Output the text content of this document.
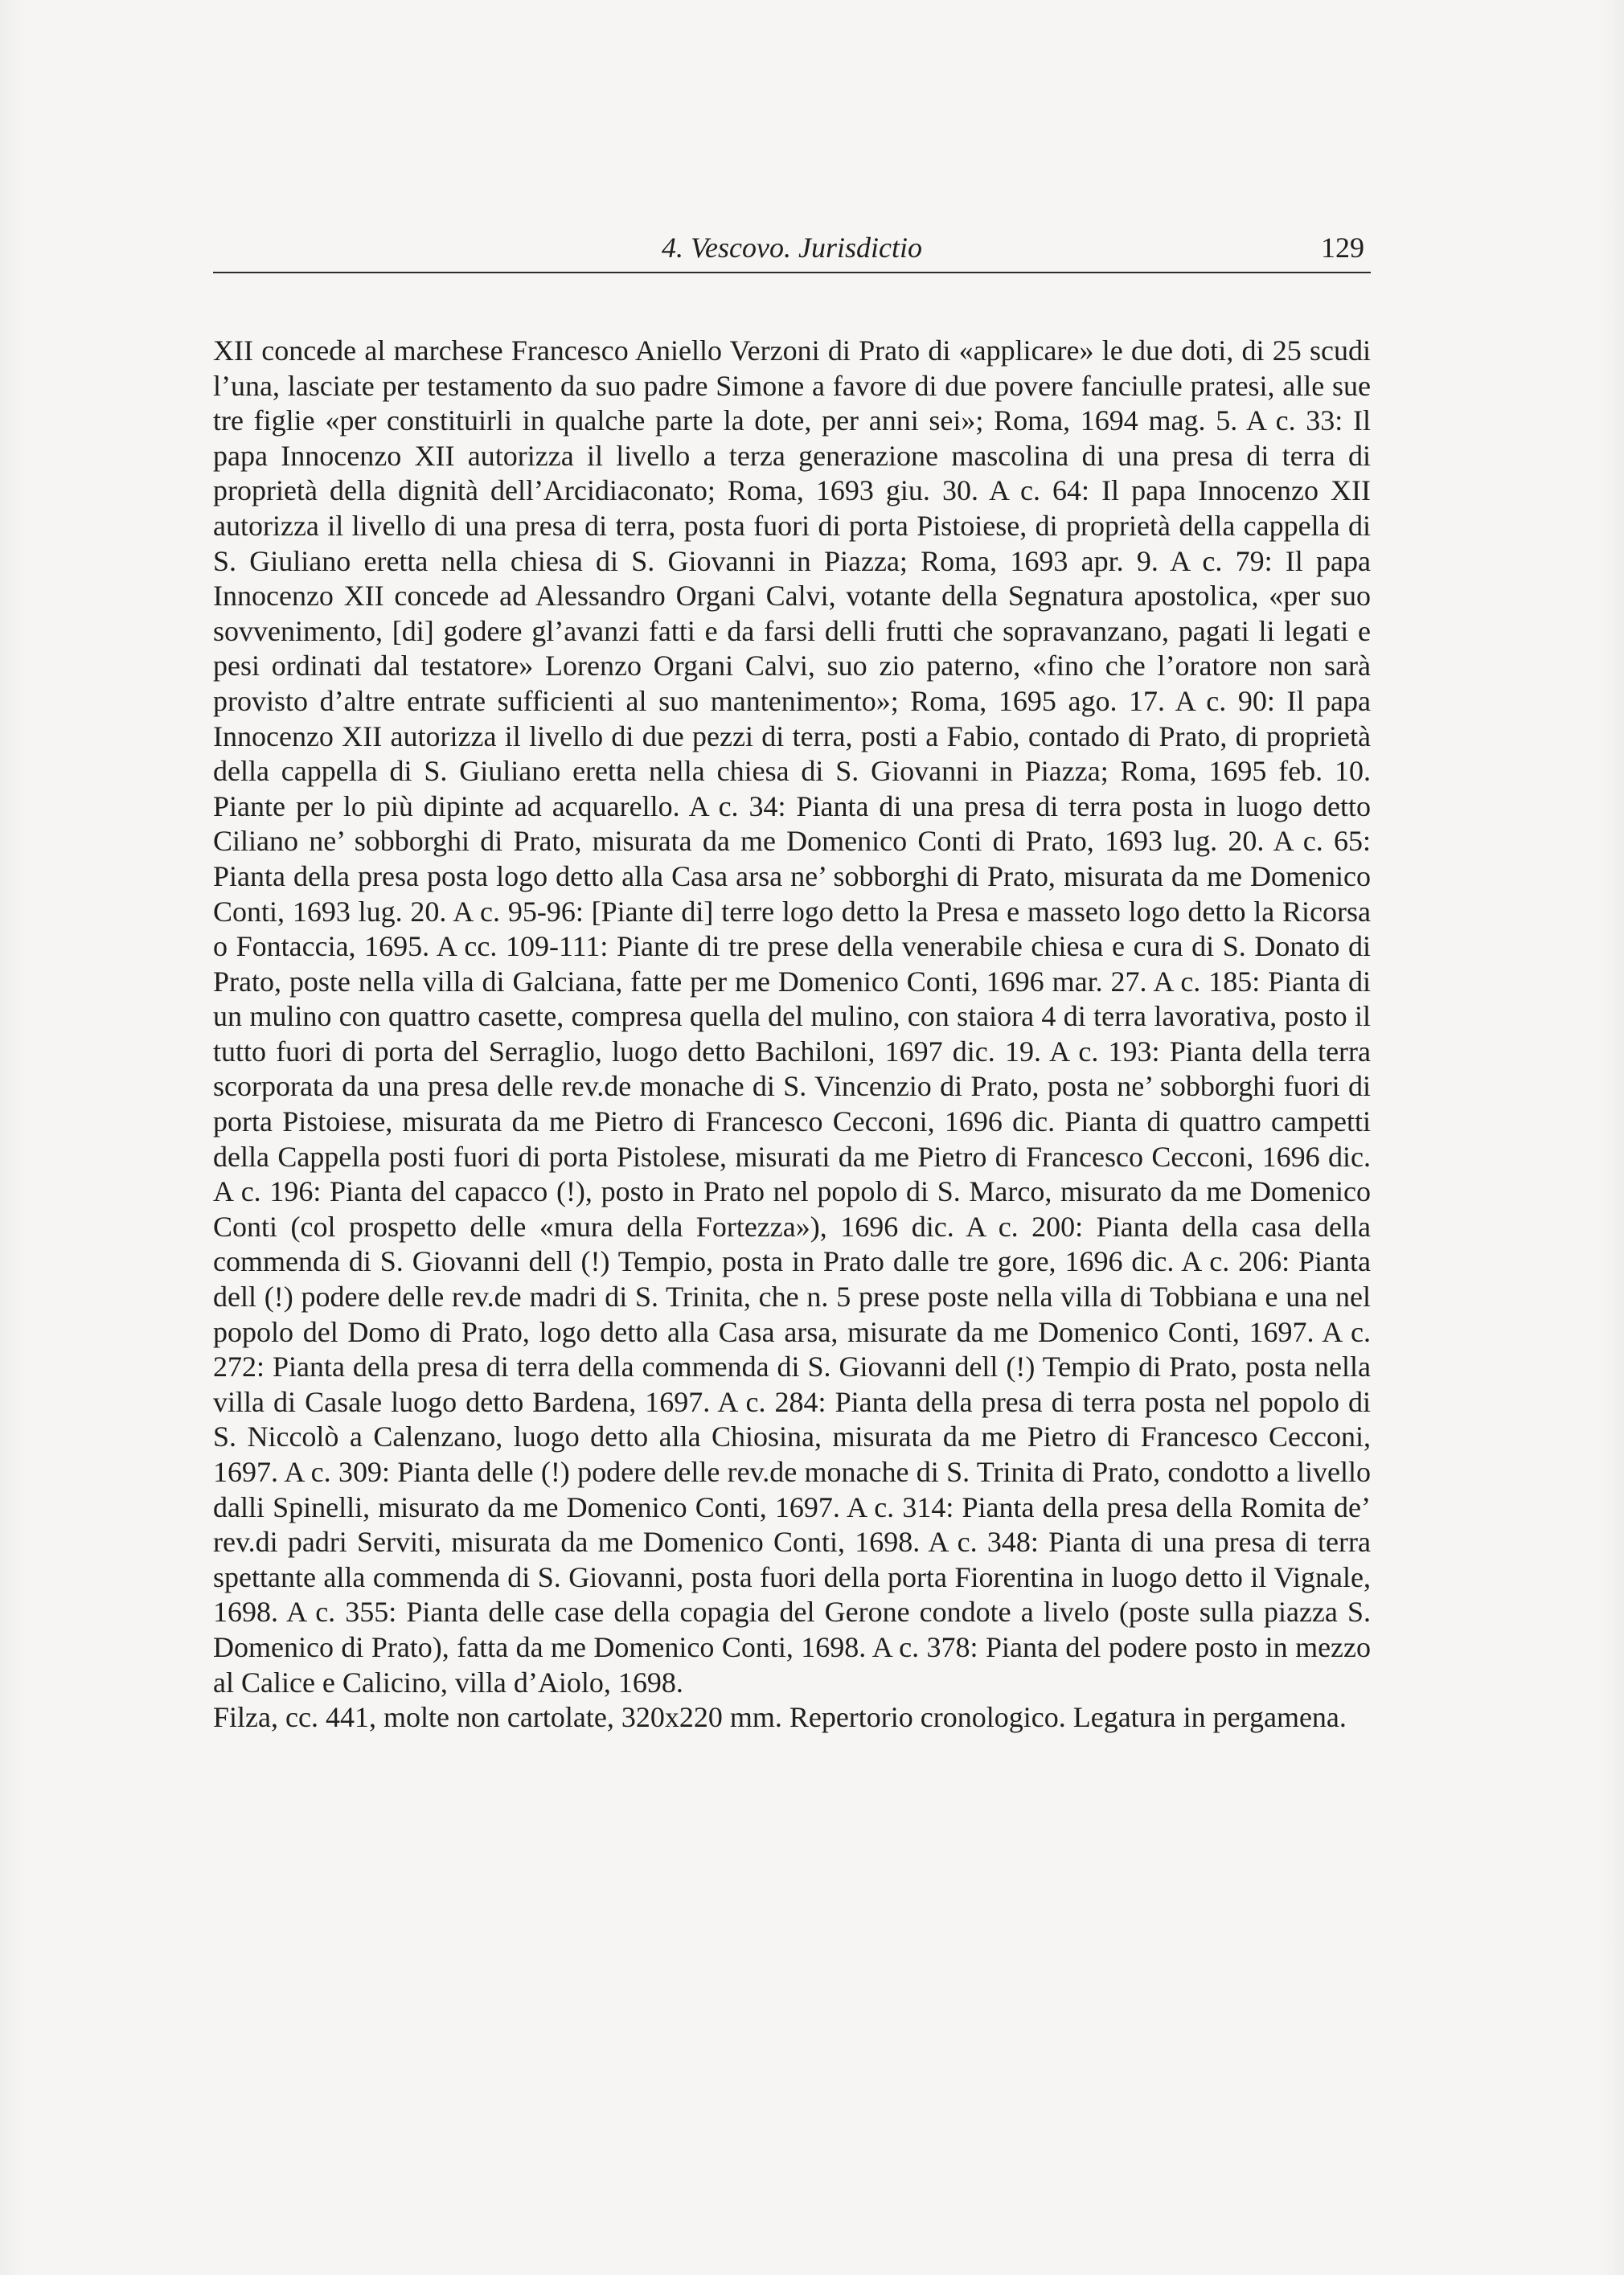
4. Vescovo. Jurisdictio	129

XII concede al marchese Francesco Aniello Verzoni di Prato di «applicare» le due doti, di 25 scudi l’una, lasciate per testamento da suo padre Simone a favore di due povere fanciulle pratesi, alle sue tre figlie «per constituirli in qualche parte la dote, per anni sei»; Roma, 1694 mag. 5. A c. 33: Il papa Innocenzo XII autorizza il livello a terza generazione mascolina di una presa di terra di proprietà della dignità dell’Arcidiaconato; Roma, 1693 giu. 30. A c. 64: Il papa Innocenzo XII autorizza il livello di una presa di terra, posta fuori di porta Pistoiese, di proprietà della cappella di S. Giuliano eretta nella chiesa di S. Giovanni in Piazza; Roma, 1693 apr. 9. A c. 79: Il papa Innocenzo XII concede ad Alessandro Organi Calvi, votante della Segnatura apostolica, «per suo sovvenimento, [di] godere gl’avanzi fatti e da farsi delli frutti che sopravanzano, pagati li legati e pesi ordinati dal testatore» Lorenzo Organi Calvi, suo zio paterno, «fino che l’oratore non sarà provisto d’altre entrate sufficienti al suo mantenimento»; Roma, 1695 ago. 17. A c. 90: Il papa Innocenzo XII autorizza il livello di due pezzi di terra, posti a Fabio, contado di Prato, di proprietà della cappella di S. Giuliano eretta nella chiesa di S. Giovanni in Piazza; Roma, 1695 feb. 10. Piante per lo più dipinte ad acquarello. A c. 34: Pianta di una presa di terra posta in luogo detto Ciliano ne’ sobborghi di Prato, misurata da me Domenico Conti di Prato, 1693 lug. 20. A c. 65: Pianta della presa posta logo detto alla Casa arsa ne’ sobborghi di Prato, misurata da me Domenico Conti, 1693 lug. 20. A c. 95-96: [Piante di] terre logo detto la Presa e masseto logo detto la Ricorsa o Fontaccia, 1695. A cc. 109-111: Piante di tre prese della venerabile chiesa e cura di S. Donato di Prato, poste nella villa di Galciana, fatte per me Domenico Conti, 1696 mar. 27. A c. 185: Pianta di un mulino con quattro casette, compresa quella del mulino, con staiora 4 di terra lavorativa, posto il tutto fuori di porta del Serraglio, luogo detto Bachiloni, 1697 dic. 19. A c. 193: Pianta della terra scorporata da una presa delle rev.de monache di S. Vincenzio di Prato, posta ne’ sobborghi fuori di porta Pistoiese, misurata da me Pietro di Francesco Cecconi, 1696 dic. Pianta di quattro campetti della Cappella posti fuori di porta Pistolese, misurati da me Pietro di Francesco Cecconi, 1696 dic. A c. 196: Pianta del capacco (!), posto in Prato nel popolo di S. Marco, misurato da me Domenico Conti (col prospetto delle «mura della Fortezza»), 1696 dic. A c. 200: Pianta della casa della commenda di S. Giovanni dell (!) Tempio, posta in Prato dalle tre gore, 1696 dic. A c. 206: Pianta dell (!) podere delle rev.de madri di S. Trinita, che n. 5 prese poste nella villa di Tobbiana e una nel popolo del Domo di Prato, logo detto alla Casa arsa, misurate da me Domenico Conti, 1697. A c. 272: Pianta della presa di terra della commenda di S. Giovanni dell (!) Tempio di Prato, posta nella villa di Casale luogo detto Bardena, 1697. A c. 284: Pianta della presa di terra posta nel popolo di S. Niccolò a Calenzano, luogo detto alla Chiosina, misurata da me Pietro di Francesco Cecconi, 1697. A c. 309: Pianta delle (!) podere delle rev.de monache di S. Trinita di Prato, condotto a livello dalli Spinelli, misurato da me Domenico Conti, 1697. A c. 314: Pianta della presa della Romita de’ rev.di padri Serviti, misurata da me Domenico Conti, 1698. A c. 348: Pianta di una presa di terra spettante alla commenda di S. Giovanni, posta fuori della porta Fiorentina in luogo detto il Vignale, 1698. A c. 355: Pianta delle case della copagia del Gerone condote a livelo (poste sulla piazza S. Domenico di Prato), fatta da me Domenico Conti, 1698. A c. 378: Pianta del podere posto in mezzo al Calice e Calicino, villa d’Aiolo, 1698.

Filza, cc. 441, molte non cartolate, 320x220 mm. Repertorio cronologico. Legatura in pergamena.
